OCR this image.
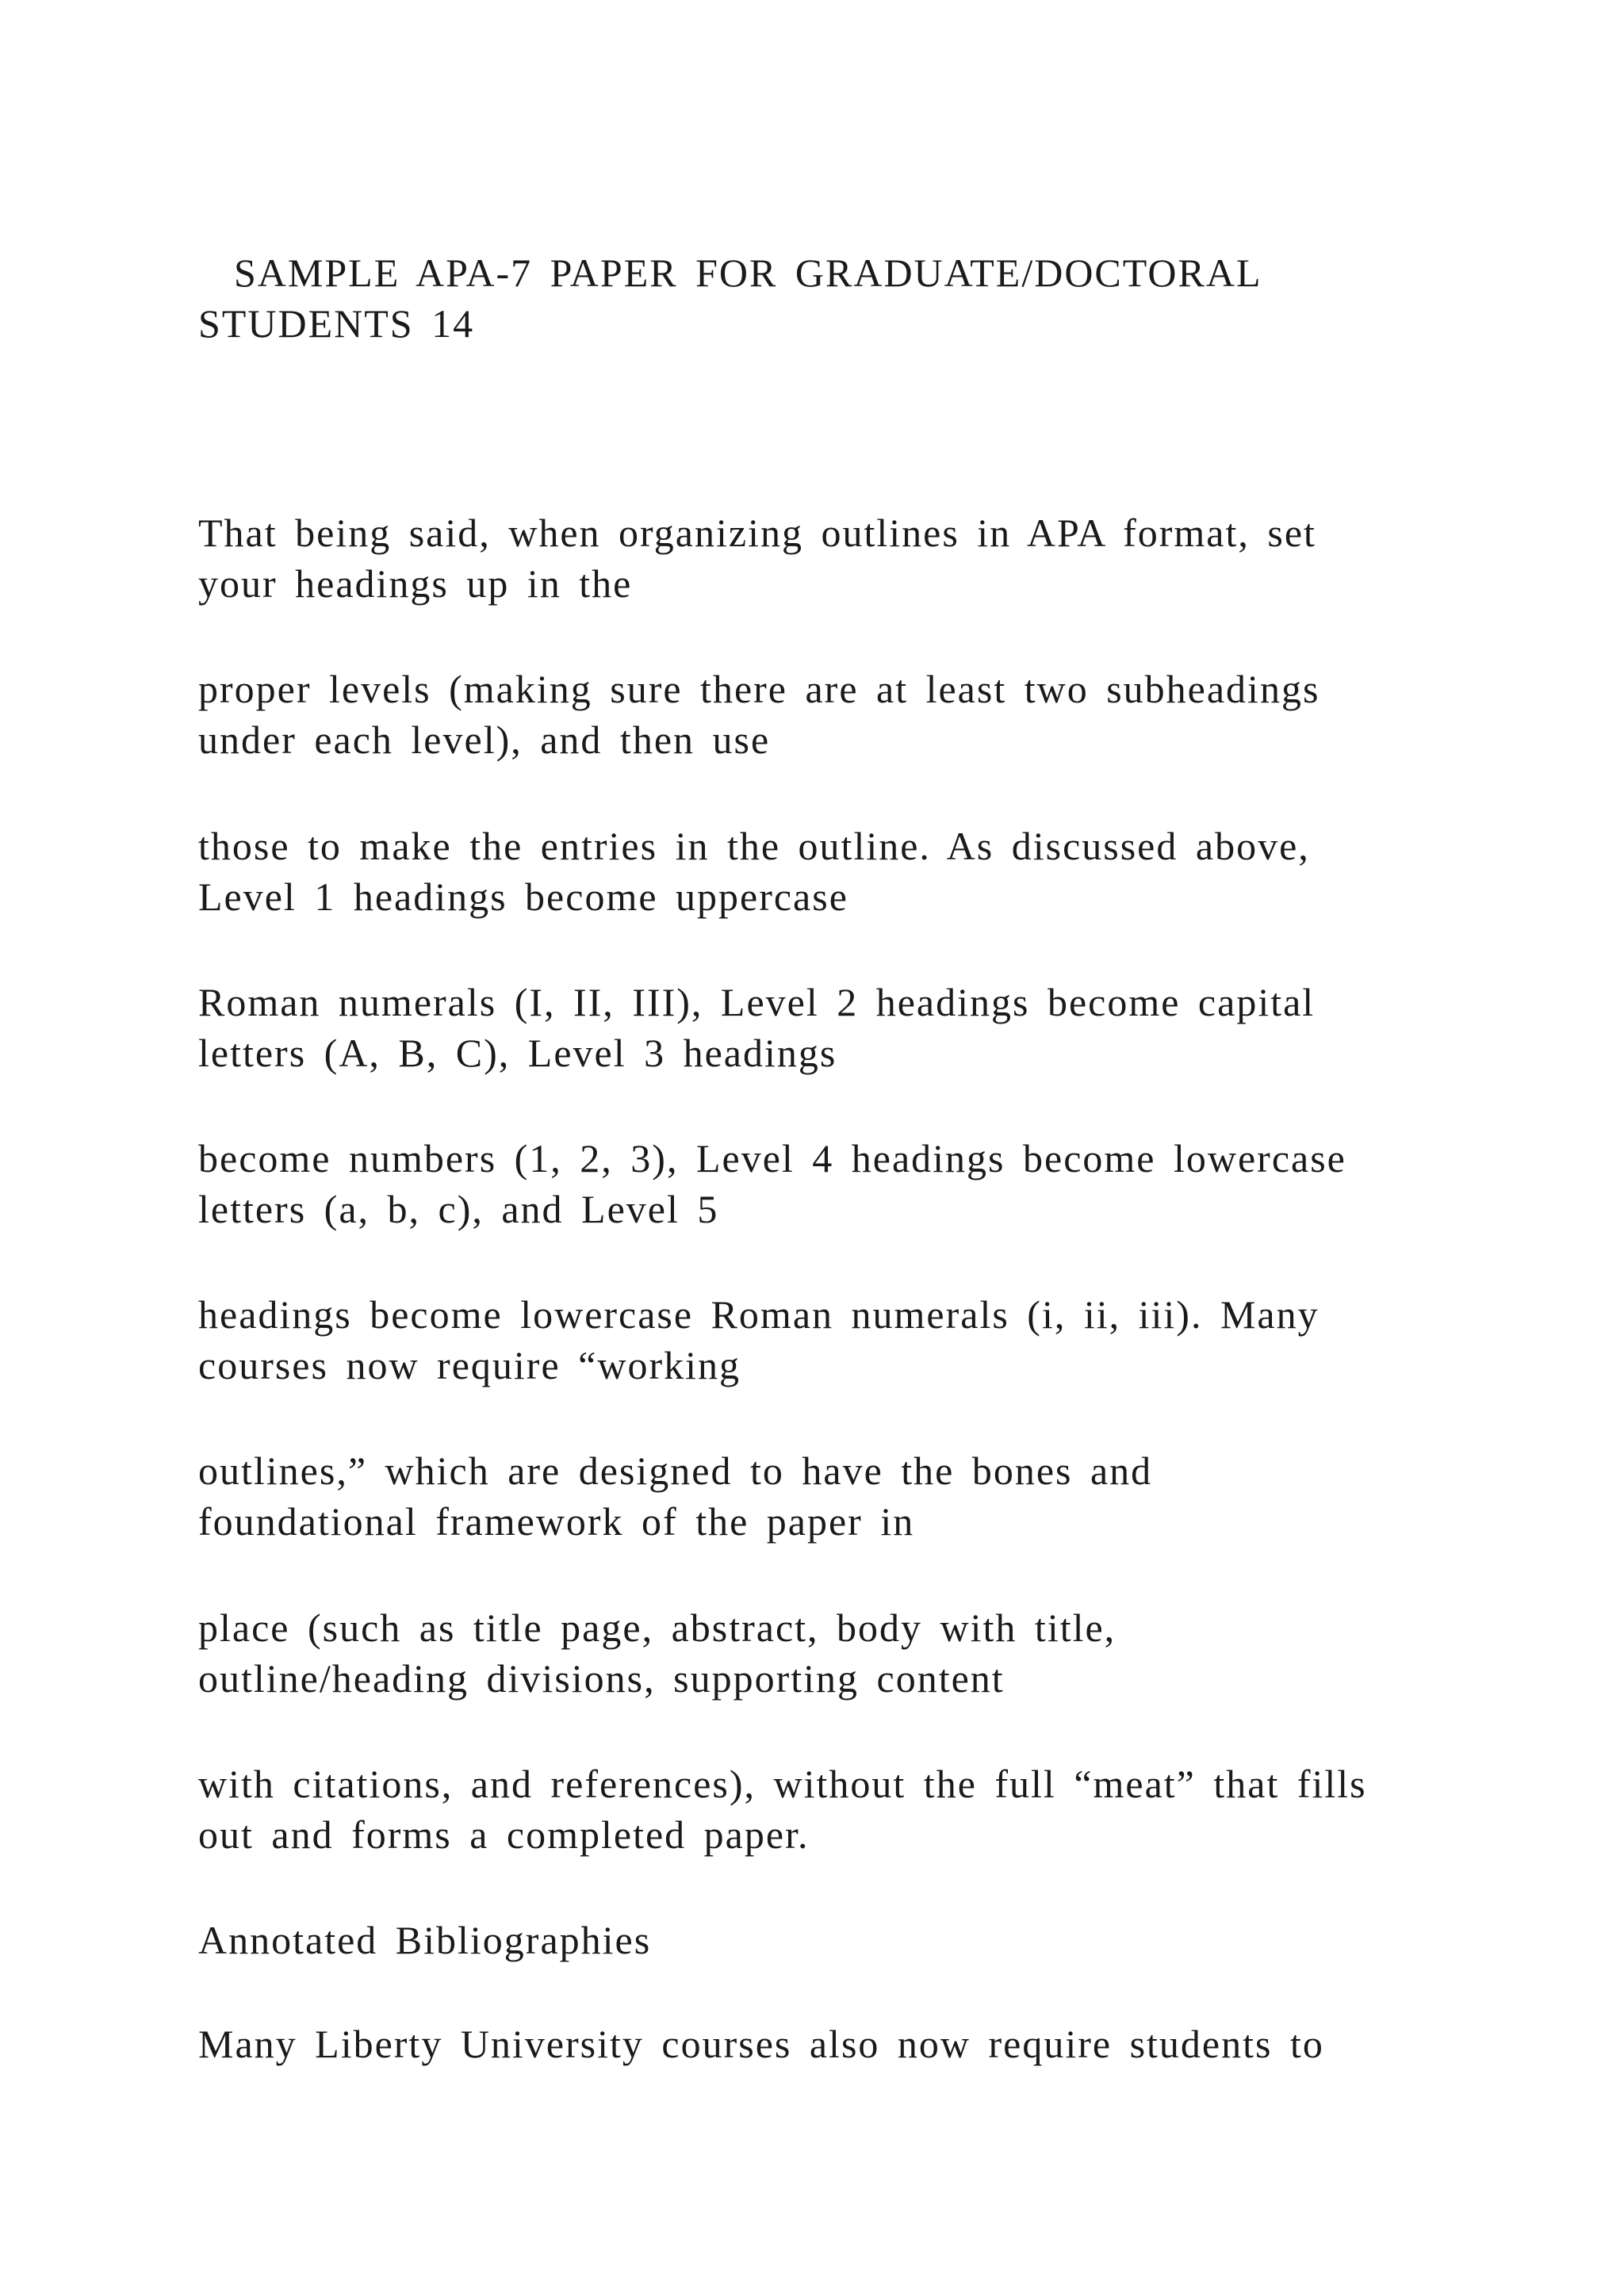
SAMPLE APA-7 PAPER FOR GRADUATE/DOCTORAL

STUDENTS 14

That being said, when organizing outlines in APA format, set

your headings up in the

proper levels (making sure there are at least two subheadings

under each level), and then use

those to make the entries in the outline. As discussed above,

Level 1 headings become uppercase

Roman numerals (I, II, III), Level 2 headings become capital

letters (A, B, C), Level 3 headings

become numbers (1, 2, 3), Level 4 headings become lowercase

letters (a, b, c), and Level 5

headings become lowercase Roman numerals (i, ii, iii). Many

courses now require “working

outlines,” which are designed to have the bones and

foundational framework of the paper in

place (such as title page, abstract, body with title,

outline/heading divisions, supporting content

with citations, and references), without the full “meat” that fills

out and forms a completed paper.

Annotated Bibliographies

Many Liberty University courses also now require students to
